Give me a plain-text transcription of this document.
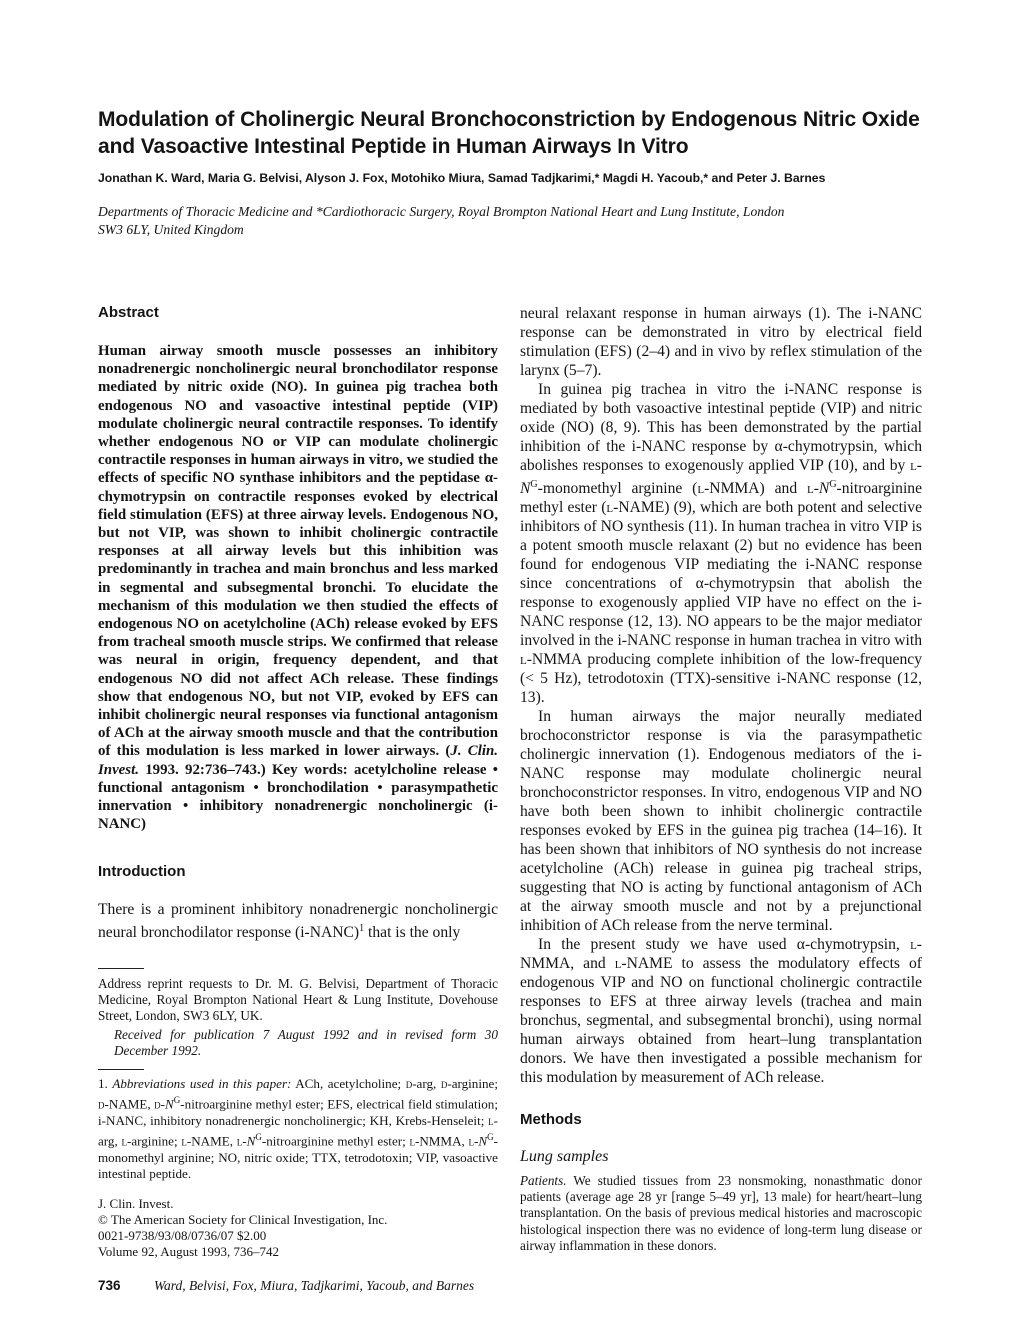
Modulation of Cholinergic Neural Bronchoconstriction by Endogenous Nitric Oxide and Vasoactive Intestinal Peptide in Human Airways In Vitro
Jonathan K. Ward, Maria G. Belvisi, Alyson J. Fox, Motohiko Miura, Samad Tadjkarimi,* Magdi H. Yacoub,* and Peter J. Barnes
Departments of Thoracic Medicine and *Cardiothoracic Surgery, Royal Brompton National Heart and Lung Institute, London SW3 6LY, United Kingdom
Abstract

Human airway smooth muscle possesses an inhibitory nonadrenergic noncholinergic neural bronchodilator response mediated by nitric oxide (NO). In guinea pig trachea both endogenous NO and vasoactive intestinal peptide (VIP) modulate cholinergic neural contractile responses. To identify whether endogenous NO or VIP can modulate cholinergic contractile responses in human airways in vitro, we studied the effects of specific NO synthase inhibitors and the peptidase α-chymotrypsin on contractile responses evoked by electrical field stimulation (EFS) at three airway levels. Endogenous NO, but not VIP, was shown to inhibit cholinergic contractile responses at all airway levels but this inhibition was predominantly in trachea and main bronchus and less marked in segmental and subsegmental bronchi. To elucidate the mechanism of this modulation we then studied the effects of endogenous NO on acetylcholine (ACh) release evoked by EFS from tracheal smooth muscle strips. We confirmed that release was neural in origin, frequency dependent, and that endogenous NO did not affect ACh release. These findings show that endogenous NO, but not VIP, evoked by EFS can inhibit cholinergic neural responses via functional antagonism of ACh at the airway smooth muscle and that the contribution of this modulation is less marked in lower airways. (J. Clin. Invest. 1993. 92:736–743.) Key words: acetylcholine release • functional antagonism • bronchodilation • parasympathetic innervation • inhibitory nonadrenergic noncholinergic (i-NANC)

Introduction

There is a prominent inhibitory nonadrenergic noncholinergic neural bronchodilator response (i-NANC)$^1$ that is the only

Address reprint requests to Dr. M. G. Belvisi, Department of Thoracic Medicine, Royal Brompton National Heart & Lung Institute, Dovehouse Street, London, SW3 6LY, UK.

Received for publication 7 August 1992 and in revised form 30 December 1992.

1. Abbreviations used in this paper: ACh, acetylcholine; d-arg, d-arginine; d-NAME, $d-N^G$-nitroarginine methyl ester; EFS, electrical field stimulation; i-NANC, inhibitory nonadrenergic noncholinergic; KH, Krebs-Henseleit; l-arg, l-arginine; l-NAME, $l-N^G$-nitroarginine methyl ester; l-NMMA, $l-N^G$-monomethyl arginine; NO, nitric oxide; TTX, tetrodotoxin; VIP, vasoactive intestinal peptide.
J. Clin. Invest.
© The American Society for Clinical Investigation, Inc.
0021-9738/93/08/0736/07 $2.00
Volume 92, August 1993, 736–742
736 Ward, Belvisi, Fox, Miura, Tadjkarimi, Yacoub, and Barnes

neural relaxant response in human airways (1). The i-NANC response can be demonstrated in vitro by electrical field stimulation (EFS) (2–4) and in vivo by reflex stimulation of the larynx (5–7).

In guinea pig trachea in vitro the i-NANC response is mediated by both vasoactive intestinal peptide (VIP) and nitric oxide (NO) (8, 9). This has been demonstrated by the partial inhibition of the i-NANC response by α-chymotrypsin, which abolishes responses to exogenously applied VIP (10), and by $l-N^G$-monomethyl arginine (l-NMMA) and $l-N^G$-nitroarginine methyl ester (l-NAME) (9), which are both potent and selective inhibitors of NO synthesis (11). In human trachea in vitro VIP is a potent smooth muscle relaxant (2) but no evidence has been found for endogenous VIP mediating the i-NANC response since concentrations of α-chymotrypsin that abolish the response to exogenously applied VIP have no effect on the i-NANC response (12, 13). NO appears to be the major mediator involved in the i-NANC response in human trachea in vitro with l-NMMA producing complete inhibition of the low-frequency (< 5 Hz), tetrodotoxin (TTX)-sensitive i-NANC response (12, 13).

In human airways the major neurally mediated brochoconstrictor response is via the parasympathetic cholinergic innervation (1). Endogenous mediators of the i-NANC response may modulate cholinergic neural bronchoconstrictor responses. In vitro, endogenous VIP and NO have both been shown to inhibit cholinergic contractile responses evoked by EFS in the guinea pig trachea (14–16). It has been shown that inhibitors of NO synthesis do not increase acetylcholine (ACh) release in guinea pig tracheal strips, suggesting that NO is acting by functional antagonism of ACh at the airway smooth muscle and not by a prejunctional inhibition of ACh release from the nerve terminal.

In the present study we have used α-chymotrypsin, l-NMMA, and l-NAME to assess the modulatory effects of endogenous VIP and NO on functional cholinergic contractile responses to EFS at three airway levels (trachea and main bronchus, segmental, and subsegmental bronchi), using normal human airways obtained from heart–lung transplantation donors. We have then investigated a possible mechanism for this modulation by measurement of ACh release.

Methods
Lung samples
Patients. We studied tissues from 23 nonsmoking, nonasthmatic donor patients (average age 28 yr [range 5–49 yr], 13 male) for heart/heart–lung transplantation. On the basis of previous medical histories and macroscopic histological inspection there was no evidence of long-term lung disease or airway inflammation in these donors.
